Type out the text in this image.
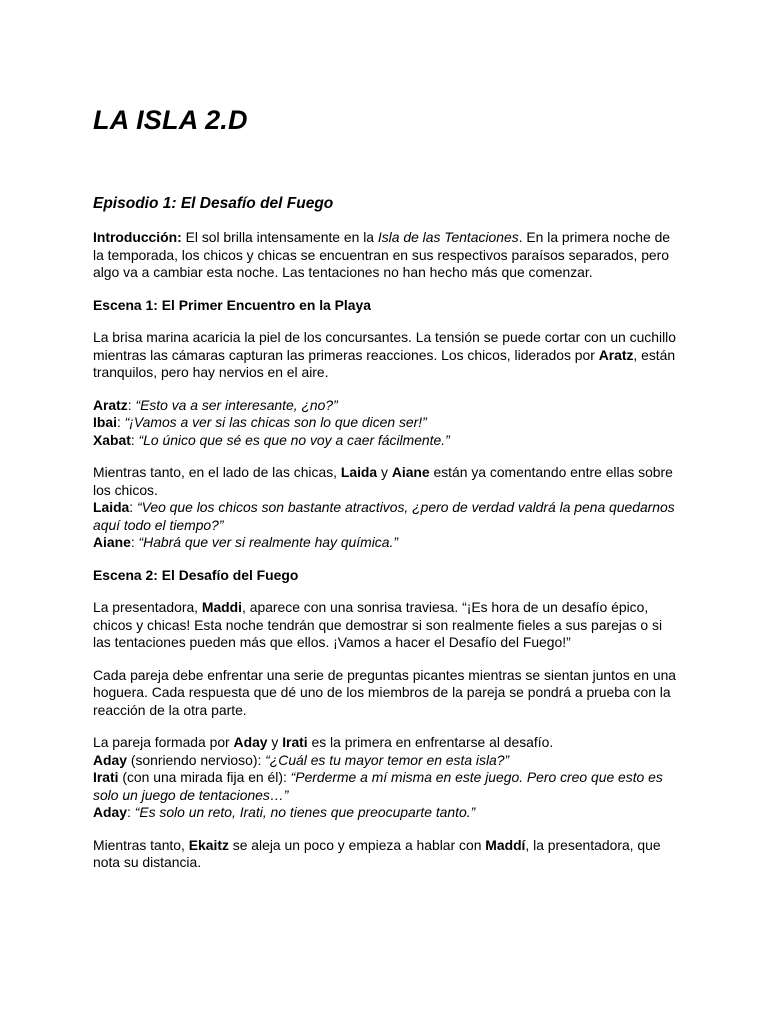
LA ISLA 2.D
Episodio 1: El Desafío del Fuego

Introducción: El sol brilla intensamente en la Isla de las Tentaciones. En la primera noche de la temporada, los chicos y chicas se encuentran en sus respectivos paraísos separados, pero algo va a cambiar esta noche. Las tentaciones no han hecho más que comenzar.

Escena 1: El Primer Encuentro en la Playa

La brisa marina acaricia la piel de los concursantes. La tensión se puede cortar con un cuchillo mientras las cámaras capturan las primeras reacciones. Los chicos, liderados por Aratz, están tranquilos, pero hay nervios en el aire.

Aratz: “Esto va a ser interesante, ¿no?”
Ibai: “¡Vamos a ver si las chicas son lo que dicen ser!”
Xabat: “Lo único que sé es que no voy a caer fácilmente.”

Mientras tanto, en el lado de las chicas, Laida y Aiane están ya comentando entre ellas sobre los chicos.
Laida: “Veo que los chicos son bastante atractivos, ¿pero de verdad valdrá la pena quedarnos aquí todo el tiempo?”
Aiane: “Habrá que ver si realmente hay química.”

Escena 2: El Desafío del Fuego

La presentadora, Maddi, aparece con una sonrisa traviesa. “¡Es hora de un desafío épico, chicos y chicas! Esta noche tendrán que demostrar si son realmente fieles a sus parejas o si las tentaciones pueden más que ellos. ¡Vamos a hacer el Desafío del Fuego!”

Cada pareja debe enfrentar una serie de preguntas picantes mientras se sientan juntos en una hoguera. Cada respuesta que dé uno de los miembros de la pareja se pondrá a prueba con la reacción de la otra parte.

La pareja formada por Aday y Irati es la primera en enfrentarse al desafío.
Aday (sonriendo nervioso): “¿Cuál es tu mayor temor en esta isla?”
Irati (con una mirada fija en él): “Perderme a mí misma en este juego. Pero creo que esto es solo un juego de tentaciones…”
Aday: “Es solo un reto, Irati, no tienes que preocuparte tanto.”

Mientras tanto, Ekaitz se aleja un poco y empieza a hablar con Maddí, la presentadora, que nota su distancia.
